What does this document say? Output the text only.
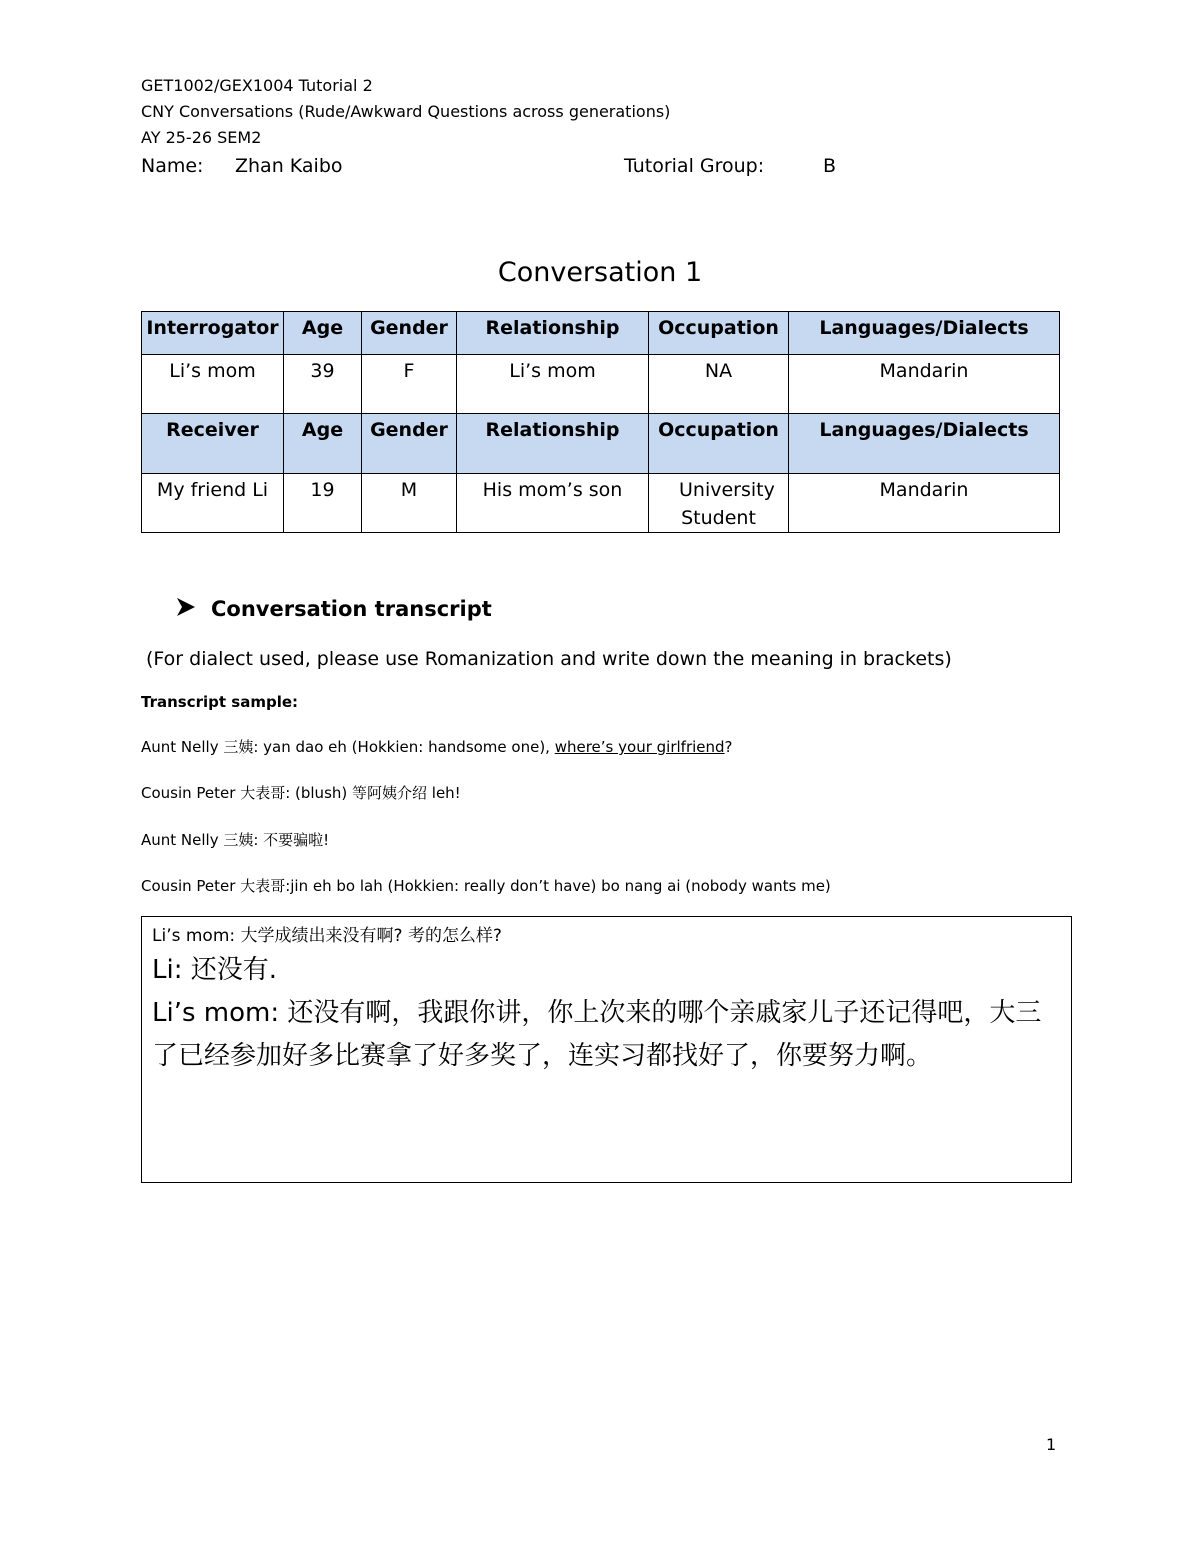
GET1002/GEX1004 Tutorial 2
CNY Conversations (Rude/Awkward Questions across generations)
AY 25-26 SEM2
Name: Zhan Kaibo	Tutorial Group:	B
Conversation 1
Interrogator	Age	Gender	Relationship	Occupation	Languages/Dialects
Li’s mom	39	F	Li’s mom	NA	Mandarin
Receiver	Age	Gender	Relationship	Occupation	Languages/Dialects
My friend Li	19	M	His mom’s son	University Student	Mandarin
Conversation transcript
(For dialect used, please use Romanization and write down the meaning in brackets)
Transcript sample:
Aunt Nelly 三姨: yan dao eh (Hokkien: handsome one), where’s your girlfriend?
Cousin Peter 大表哥: (blush) 等阿姨介绍 leh!
Aunt Nelly 三姨: 不要骗啦!
Cousin Peter 大表哥:jin eh bo lah (Hokkien: really don’t have) bo nang ai (nobody wants me)
Li’s mom: 大学成绩出来没有啊? 考的怎么样?
Li: 还没有.
Li’s mom: 还没有啊，我跟你讲，你上次来的哪个亲戚家儿子还记得吧，大三了已经参加好多比赛拿了好多奖了，连实习都找好了，你要努力啊。
1
